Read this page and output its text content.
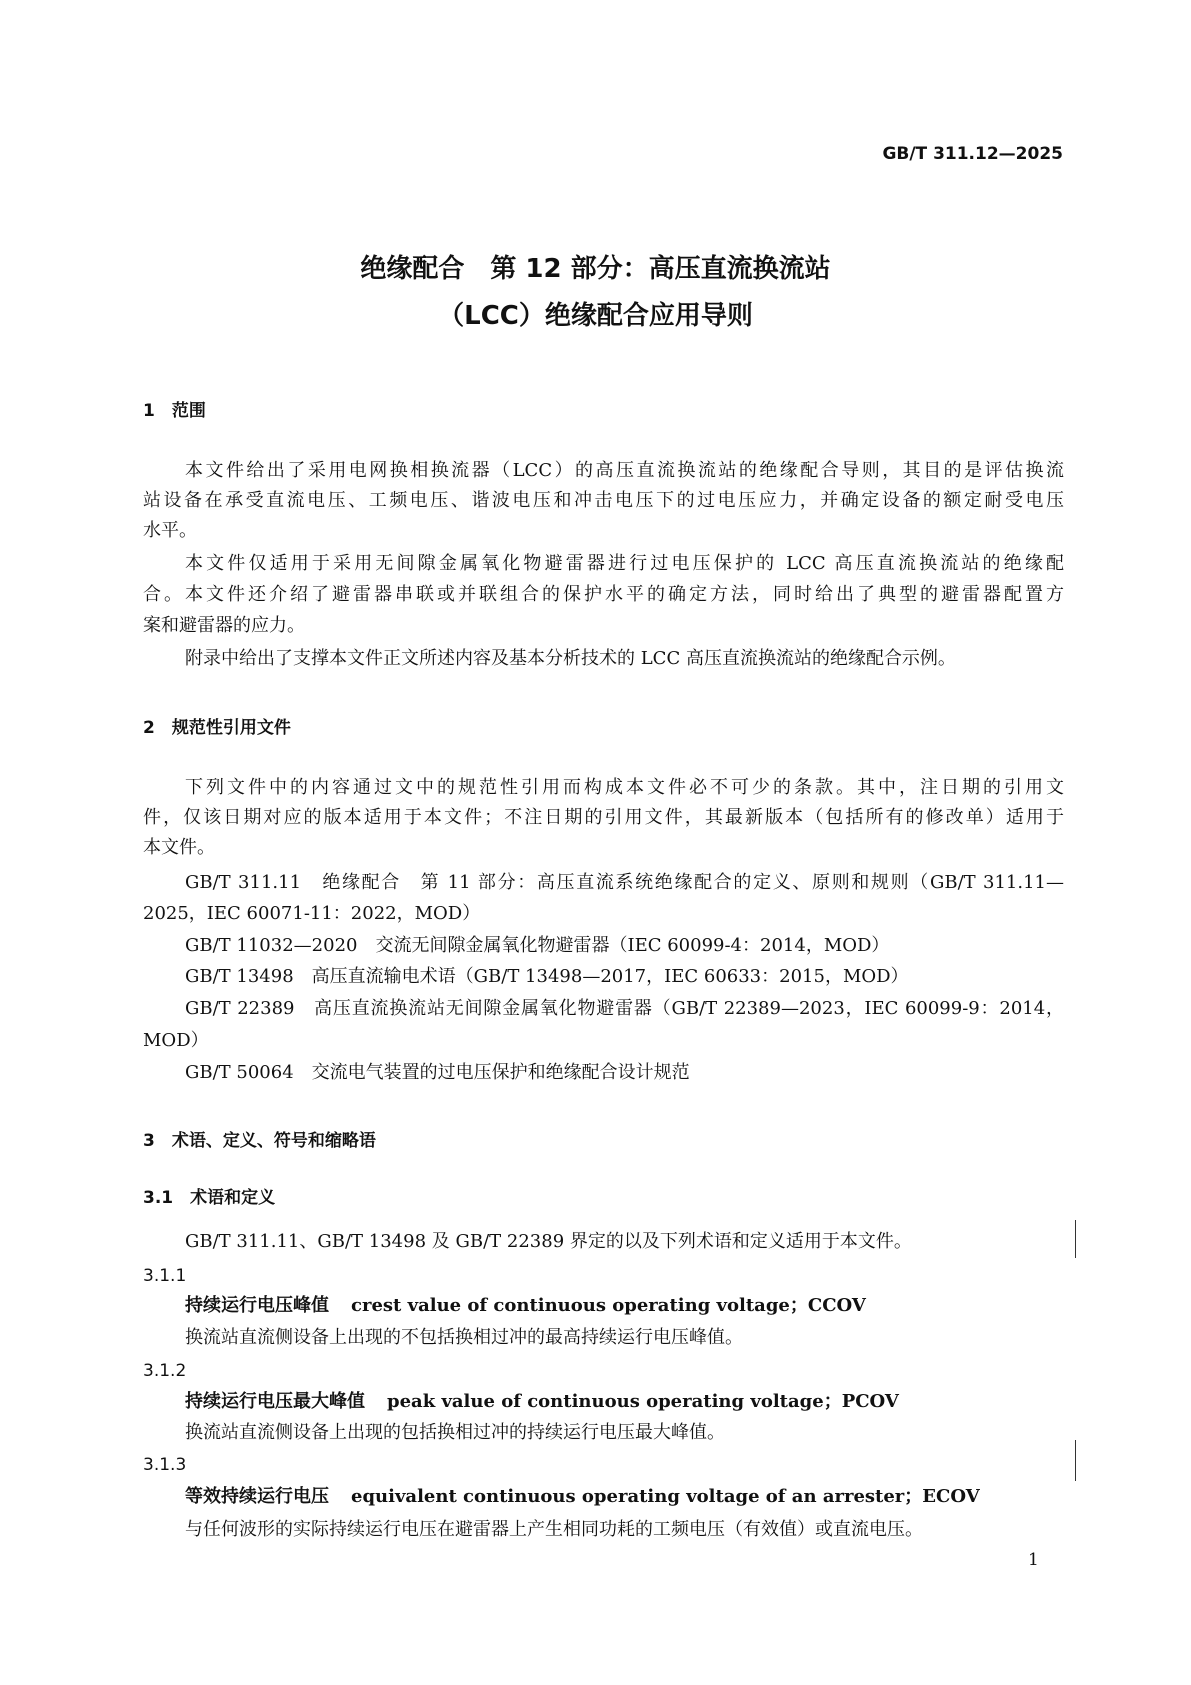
GB/T 311.12—2025
绝缘配合　第 12 部分：高压直流换流站
（LCC）绝缘配合应用导则
1　范围
本文件给出了采用电网换相换流器（LCC）的高压直流换流站的绝缘配合导则，其目的是评估换流
站设备在承受直流电压、工频电压、谐波电压和冲击电压下的过电压应力，并确定设备的额定耐受电压
水平。
本文件仅适用于采用无间隙金属氧化物避雷器进行过电压保护的 LCC 高压直流换流站的绝缘配
合。本文件还介绍了避雷器串联或并联组合的保护水平的确定方法，同时给出了典型的避雷器配置方
案和避雷器的应力。
附录中给出了支撑本文件正文所述内容及基本分析技术的 LCC 高压直流换流站的绝缘配合示例。
2　规范性引用文件
下列文件中的内容通过文中的规范性引用而构成本文件必不可少的条款。其中，注日期的引用文
件，仅该日期对应的版本适用于本文件；不注日期的引用文件，其最新版本（包括所有的修改单）适用于
本文件。
GB/T 311.11　绝缘配合　第 11 部分：高压直流系统绝缘配合的定义、原则和规则（GB/T 311.11—
2025，IEC 60071-11：2022，MOD）
GB/T 11032—2020　交流无间隙金属氧化物避雷器（IEC 60099-4：2014，MOD）
GB/T 13498　高压直流输电术语（GB/T 13498—2017，IEC 60633：2015，MOD）
GB/T 22389　高压直流换流站无间隙金属氧化物避雷器（GB/T 22389—2023，IEC 60099-9：2014，
MOD）
GB/T 50064　交流电气装置的过电压保护和绝缘配合设计规范
3　术语、定义、符号和缩略语
3.1　术语和定义
GB/T 311.11、GB/T 13498 及 GB/T 22389 界定的以及下列术语和定义适用于本文件。
3.1.1
持续运行电压峰值 crest value of continuous operating voltage；CCOV
换流站直流侧设备上出现的不包括换相过冲的最高持续运行电压峰值。
3.1.2
持续运行电压最大峰值 peak value of continuous operating voltage；PCOV
换流站直流侧设备上出现的包括换相过冲的持续运行电压最大峰值。
3.1.3
等效持续运行电压 equivalent continuous operating voltage of an arrester；ECOV
与任何波形的实际持续运行电压在避雷器上产生相同功耗的工频电压（有效值）或直流电压。
1
